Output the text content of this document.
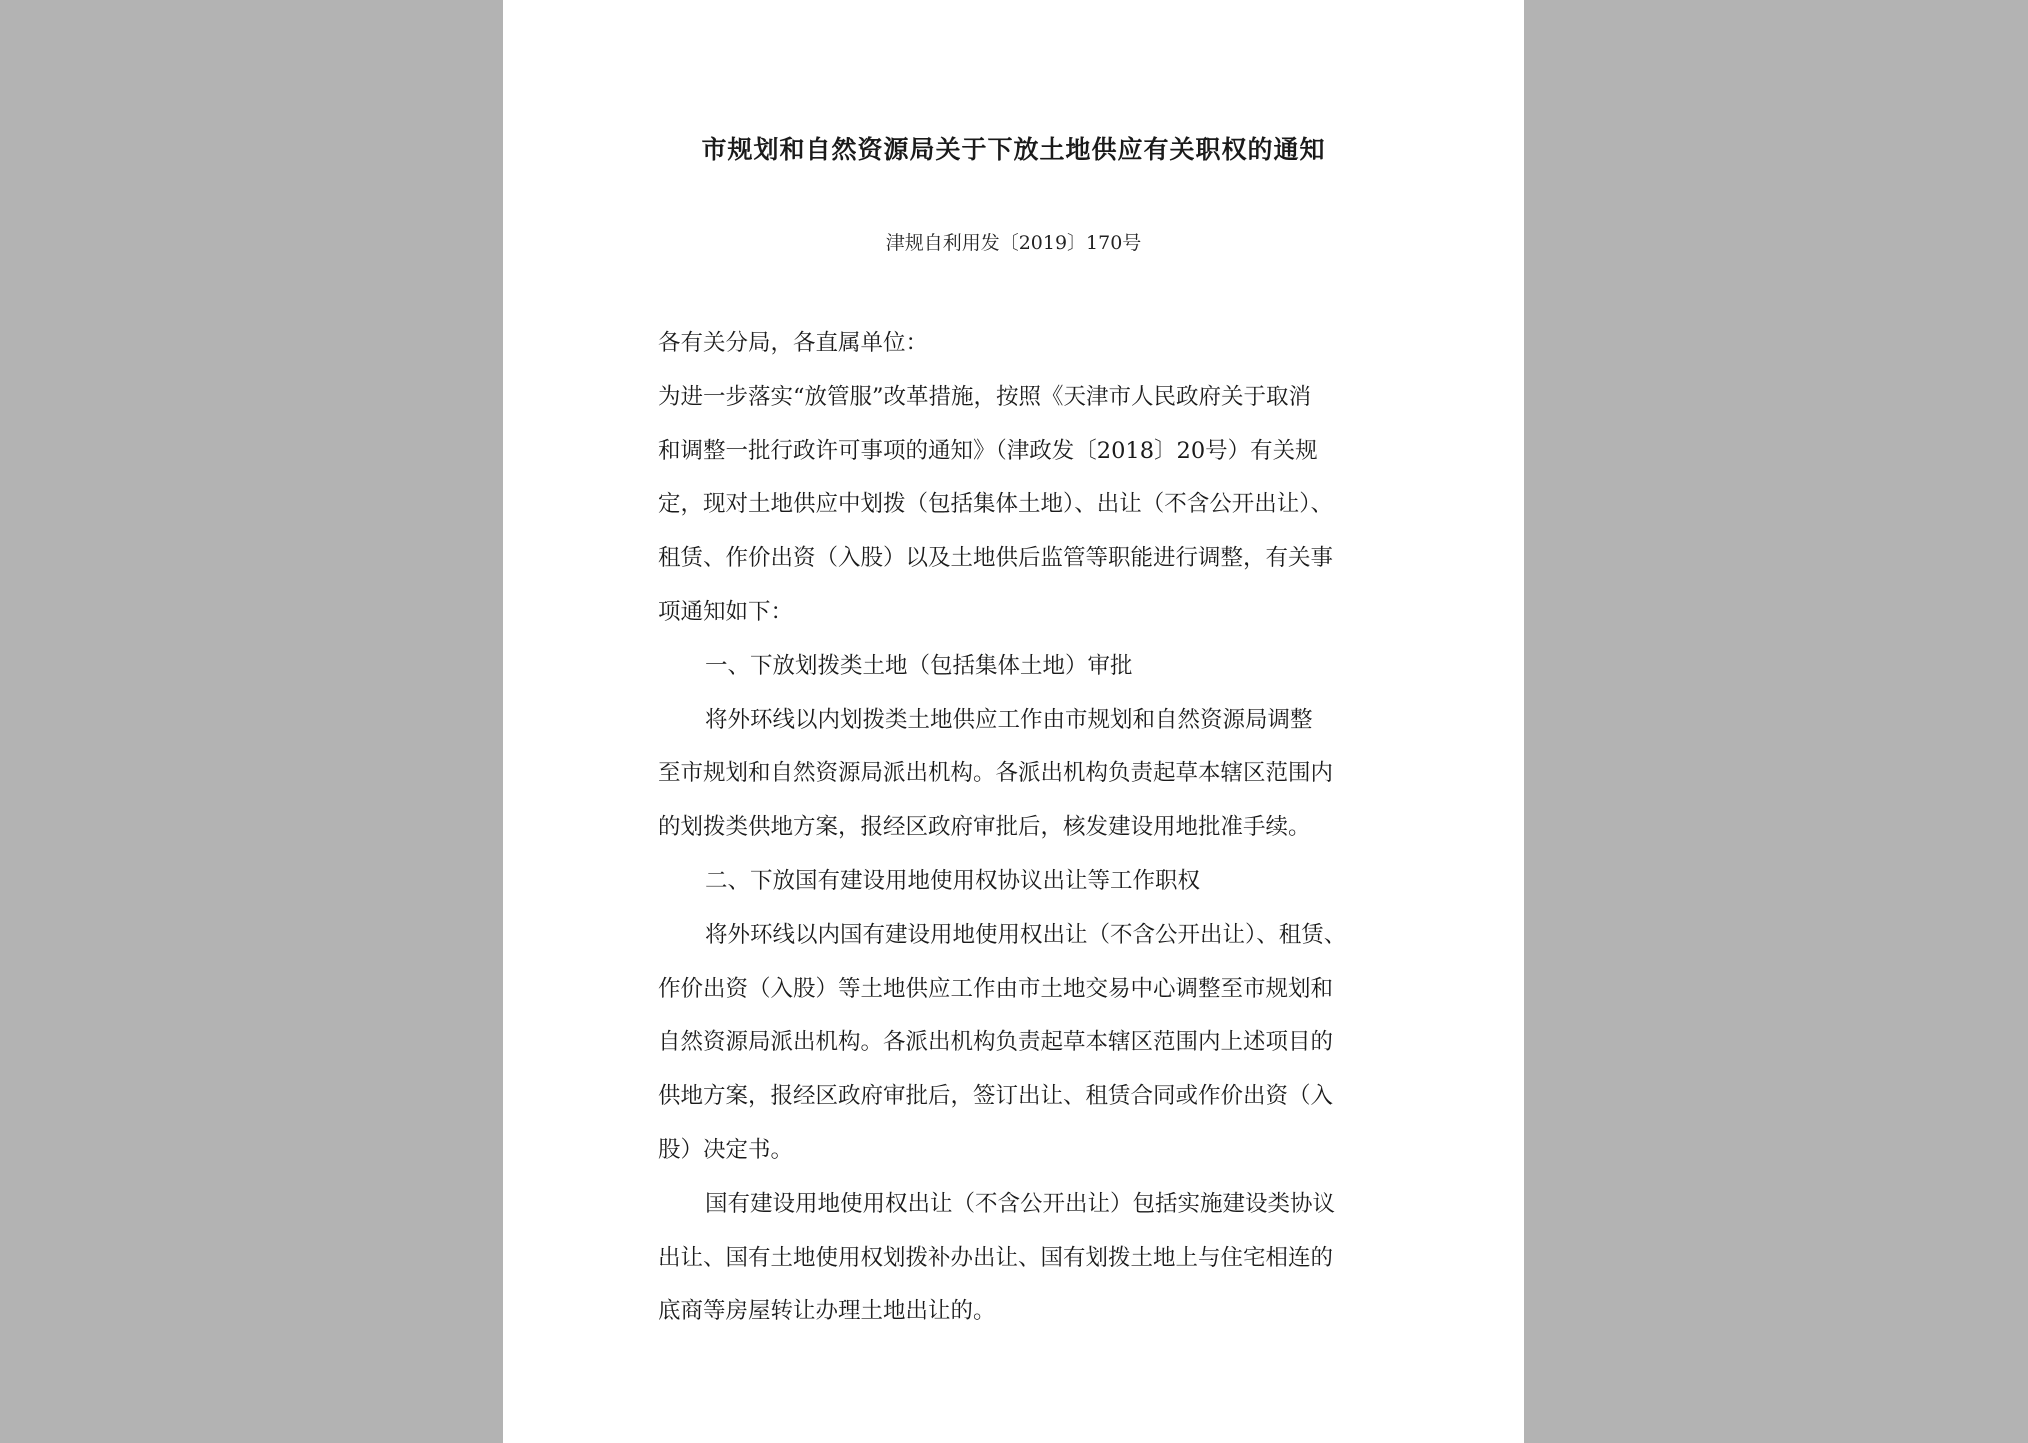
市规划和自然资源局关于下放土地供应有关职权的通知
津规自利用发〔2019〕170号
各有关分局，各直属单位：
为进一步落实“放管服”改革措施，按照《天津市人民政府关于取消
和调整一批行政许可事项的通知》（津政发〔2018〕20号）有关规
定，现对土地供应中划拨（包括集体土地）、出让（不含公开出让）、
租赁、作价出资（入股）以及土地供后监管等职能进行调整，有关事
项通知如下：
一、下放划拨类土地（包括集体土地）审批
将外环线以内划拨类土地供应工作由市规划和自然资源局调整
至市规划和自然资源局派出机构。各派出机构负责起草本辖区范围内
的划拨类供地方案，报经区政府审批后，核发建设用地批准手续。
二、下放国有建设用地使用权协议出让等工作职权
将外环线以内国有建设用地使用权出让（不含公开出让）、租赁、
作价出资（入股）等土地供应工作由市土地交易中心调整至市规划和
自然资源局派出机构。各派出机构负责起草本辖区范围内上述项目的
供地方案，报经区政府审批后，签订出让、租赁合同或作价出资（入
股）决定书。
国有建设用地使用权出让（不含公开出让）包括实施建设类协议
出让、国有土地使用权划拨补办出让、国有划拨土地上与住宅相连的
底商等房屋转让办理土地出让的。
